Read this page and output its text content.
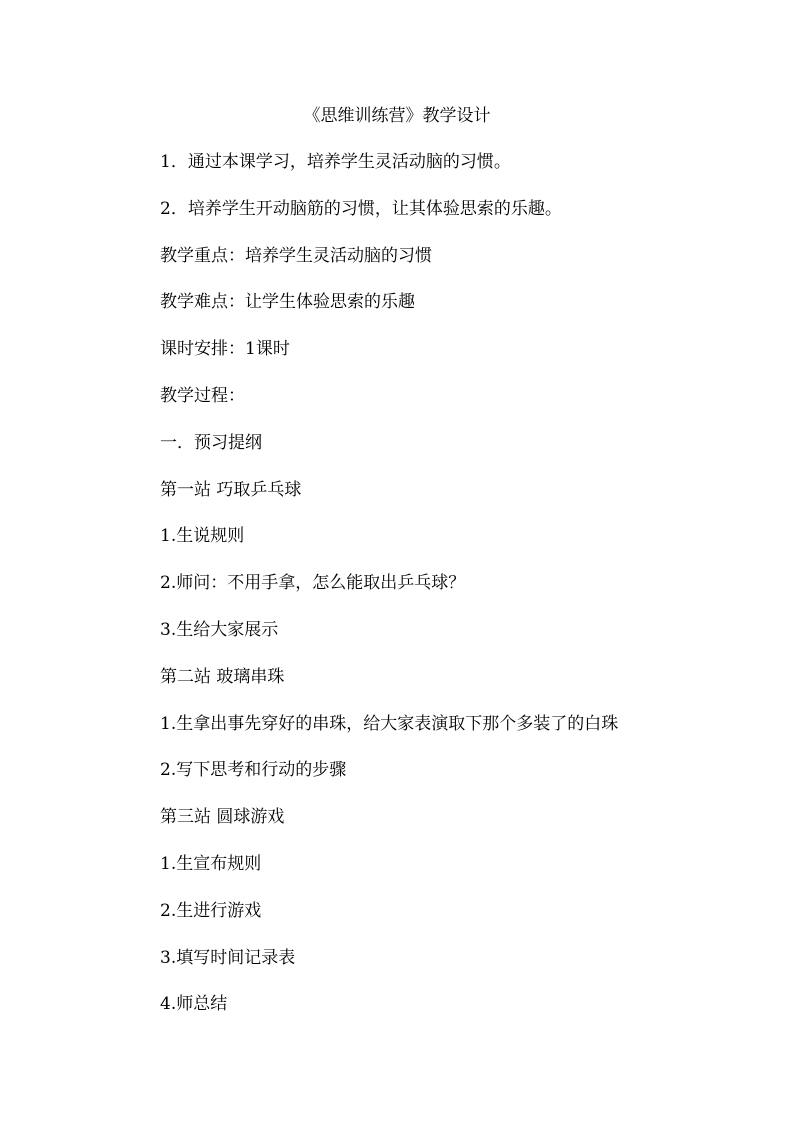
《思维训练营》教学设计
1．通过本课学习，培养学生灵活动脑的习惯。
2．培养学生开动脑筋的习惯，让其体验思索的乐趣。
教学重点：培养学生灵活动脑的习惯
教学难点：让学生体验思索的乐趣
课时安排：1课时
教学过程：
一．预习提纲
第一站 巧取乒乓球
1.生说规则
2.师问：不用手拿，怎么能取出乒乓球？
3.生给大家展示
第二站 玻璃串珠
1.生拿出事先穿好的串珠，给大家表演取下那个多装了的白珠
2.写下思考和行动的步骤
第三站 圆球游戏
1.生宣布规则
2.生进行游戏
3.填写时间记录表
4.师总结
